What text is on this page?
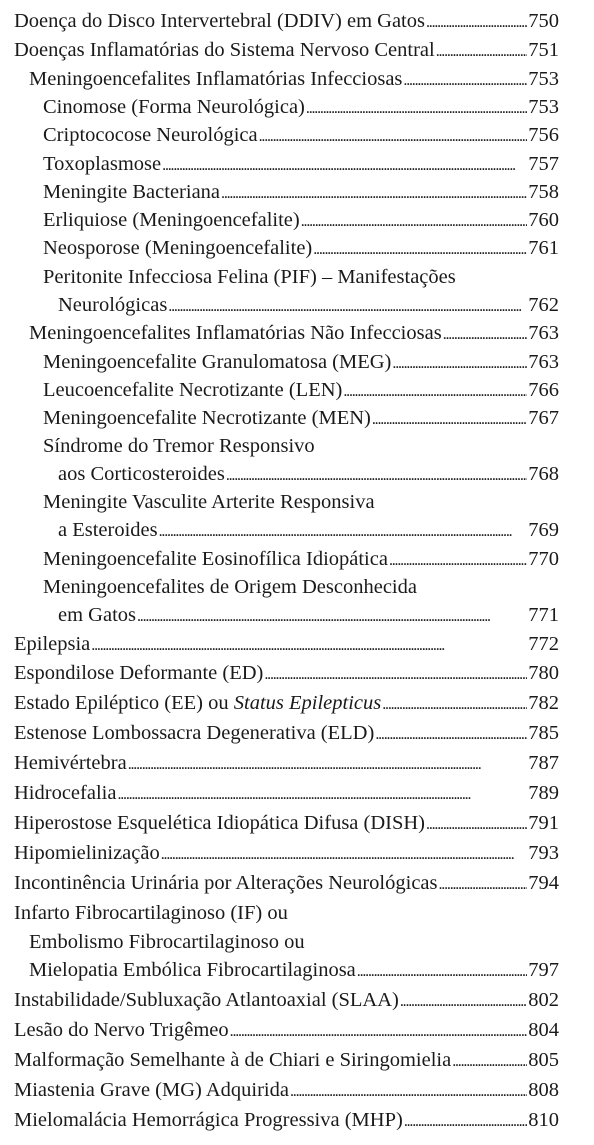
Doença do Disco Intervertebral (DDIV) em Gatos . . .	750
Doenças Inflamatórias do Sistema Nervoso Central . . .	751
Meningoencefalites Inflamatórias Infecciosas . . .	753
Cinomose (Forma Neurológica) . . .	753
Criptococose Neurológica . . .	756
Toxoplasmose . . .	757
Meningite Bacteriana . . .	758
Erliquiose (Meningoencefalite) . . .	760
Neosporose (Meningoencefalite) . . .	761
Peritonite Infecciosa Felina (PIF) – Manifestações
Neurológicas . . .	762
Meningoencefalites Inflamatórias Não Infecciosas . . .	763
Meningoencefalite Granulomatosa (MEG) . . .	763
Leucoencefalite Necrotizante (LEN) . . .	766
Meningoencefalite Necrotizante (MEN) . . .	767
Síndrome do Tremor Responsivo
aos Corticosteroides . . .	768
Meningite Vasculite Arterite Responsiva
a Esteroides . . .	769
Meningoencefalite Eosinofílica Idiopática . . .	770
Meningoencefalites de Origem Desconhecida
em Gatos . . .	771
Epilepsia . . .	772
Espondilose Deformante (ED) . . .	780
Estado Epiléptico (EE) ou Status Epilepticus . . .	782
Estenose Lombossacra Degenerativa (ELD) . . .	785
Hemivértebra . . .	787
Hidrocefalia . . .	789
Hiperostose Esquelética Idiopática Difusa (DISH) . . .	791
Hipomielinização . . .	793
Incontinência Urinária por Alterações Neurológicas . . .	794
Infarto Fibrocartilaginoso (IF) ou
Embolismo Fibrocartilaginoso ou
Mielopatia Embólica Fibrocartilaginosa . . .	797
Instabilidade/Subluxação Atlantoaxial (SLAA) . . .	802
Lesão do Nervo Trigêmeo . . .	804
Malformação Semelhante à de Chiari e Siringomielia . . .	805
Miastenia Grave (MG) Adquirida . . .	808
Mielomalácia Hemorrágica Progressiva (MHP) . . .	810
